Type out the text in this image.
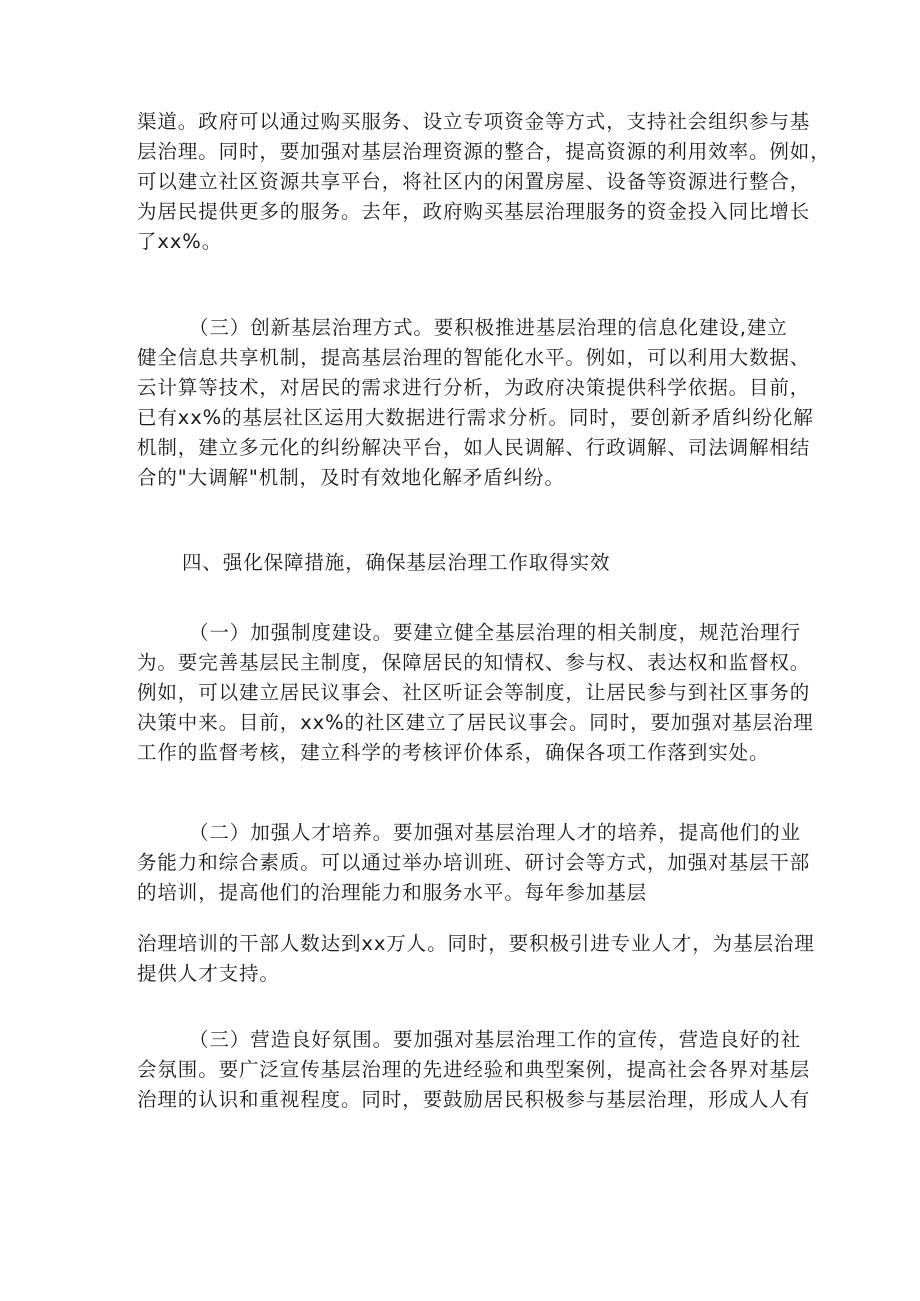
渠道。政府可以通过购买服务、设立专项资金等方式，支持社会组织参与基
层治理。同时，要加强对基层治理资源的整合，提高资源的利用效率。例如，
可以建立社区资源共享平台，将社区内的闲置房屋、设备等资源进行整合，
为居民提供更多的服务。去年，政府购买基层治理服务的资金投入同比增长
了xx%。
（三）创新基层治理方式。要积极推进基层治理的信息化建设,建立
健全信息共享机制，提高基层治理的智能化水平。例如，可以利用大数据、
云计算等技术，对居民的需求进行分析，为政府决策提供科学依据。目前，
已有xx%的基层社区运用大数据进行需求分析。同时，要创新矛盾纠纷化解
机制，建立多元化的纠纷解决平台，如人民调解、行政调解、司法调解相结
合的"大调解"机制，及时有效地化解矛盾纠纷。
四、强化保障措施，确保基层治理工作取得实效
（一）加强制度建设。要建立健全基层治理的相关制度，规范治理行
为。要完善基层民主制度，保障居民的知情权、参与权、表达权和监督权。
例如，可以建立居民议事会、社区听证会等制度，让居民参与到社区事务的
决策中来。目前，xx%的社区建立了居民议事会。同时，要加强对基层治理
工作的监督考核，建立科学的考核评价体系，确保各项工作落到实处。
（二）加强人才培养。要加强对基层治理人才的培养，提高他们的业
务能力和综合素质。可以通过举办培训班、研讨会等方式，加强对基层干部
的培训，提高他们的治理能力和服务水平。每年参加基层
治理培训的干部人数达到xx万人。同时，要积极引进专业人才，为基层治理
提供人才支持。
（三）营造良好氛围。要加强对基层治理工作的宣传，营造良好的社
会氛围。要广泛宣传基层治理的先进经验和典型案例，提高社会各界对基层
治理的认识和重视程度。同时，要鼓励居民积极参与基层治理，形成人人有
